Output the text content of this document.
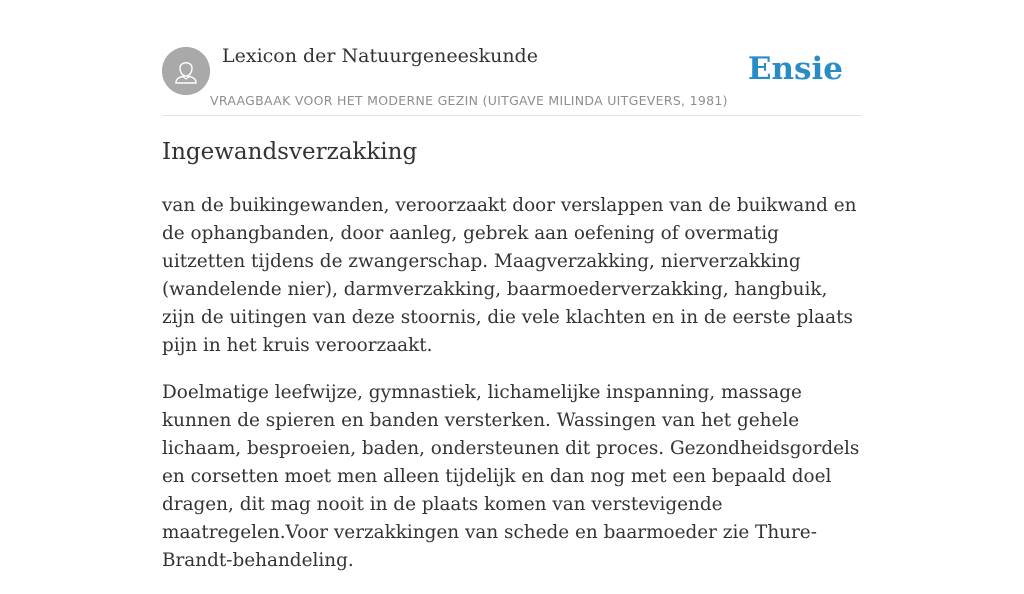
Lexicon der Natuurgeneeskunde
VRAAGBAAK VOOR HET MODERNE GEZIN (UITGAVE MILINDA UITGEVERS, 1981)
Ensie
Ingewandsverzakking

van de buikingewanden, veroorzaakt door verslappen van de buikwand en de ophangbanden, door aanleg, gebrek aan oefening of overmatig uitzetten tijdens de zwangerschap. Maagverzakking, nierverzakking (wandelende nier), darmverzakking, baarmoederverzakking, hangbuik, zijn de uitingen van deze stoornis, die vele klachten en in de eerste plaats pijn in het kruis veroorzaakt.

Doelmatige leefwijze, gymnastiek, lichamelijke inspanning, massage kunnen de spieren en banden versterken. Wassingen van het gehele lichaam, besproeien, baden, ondersteunen dit proces. Gezondheidsgordels en corsetten moet men alleen tijdelijk en dan nog met een bepaald doel dragen, dit mag nooit in de plaats komen van verstevigende maatregelen.Voor verzakkingen van schede en baarmoeder zie Thure-Brandt-behandeling.
